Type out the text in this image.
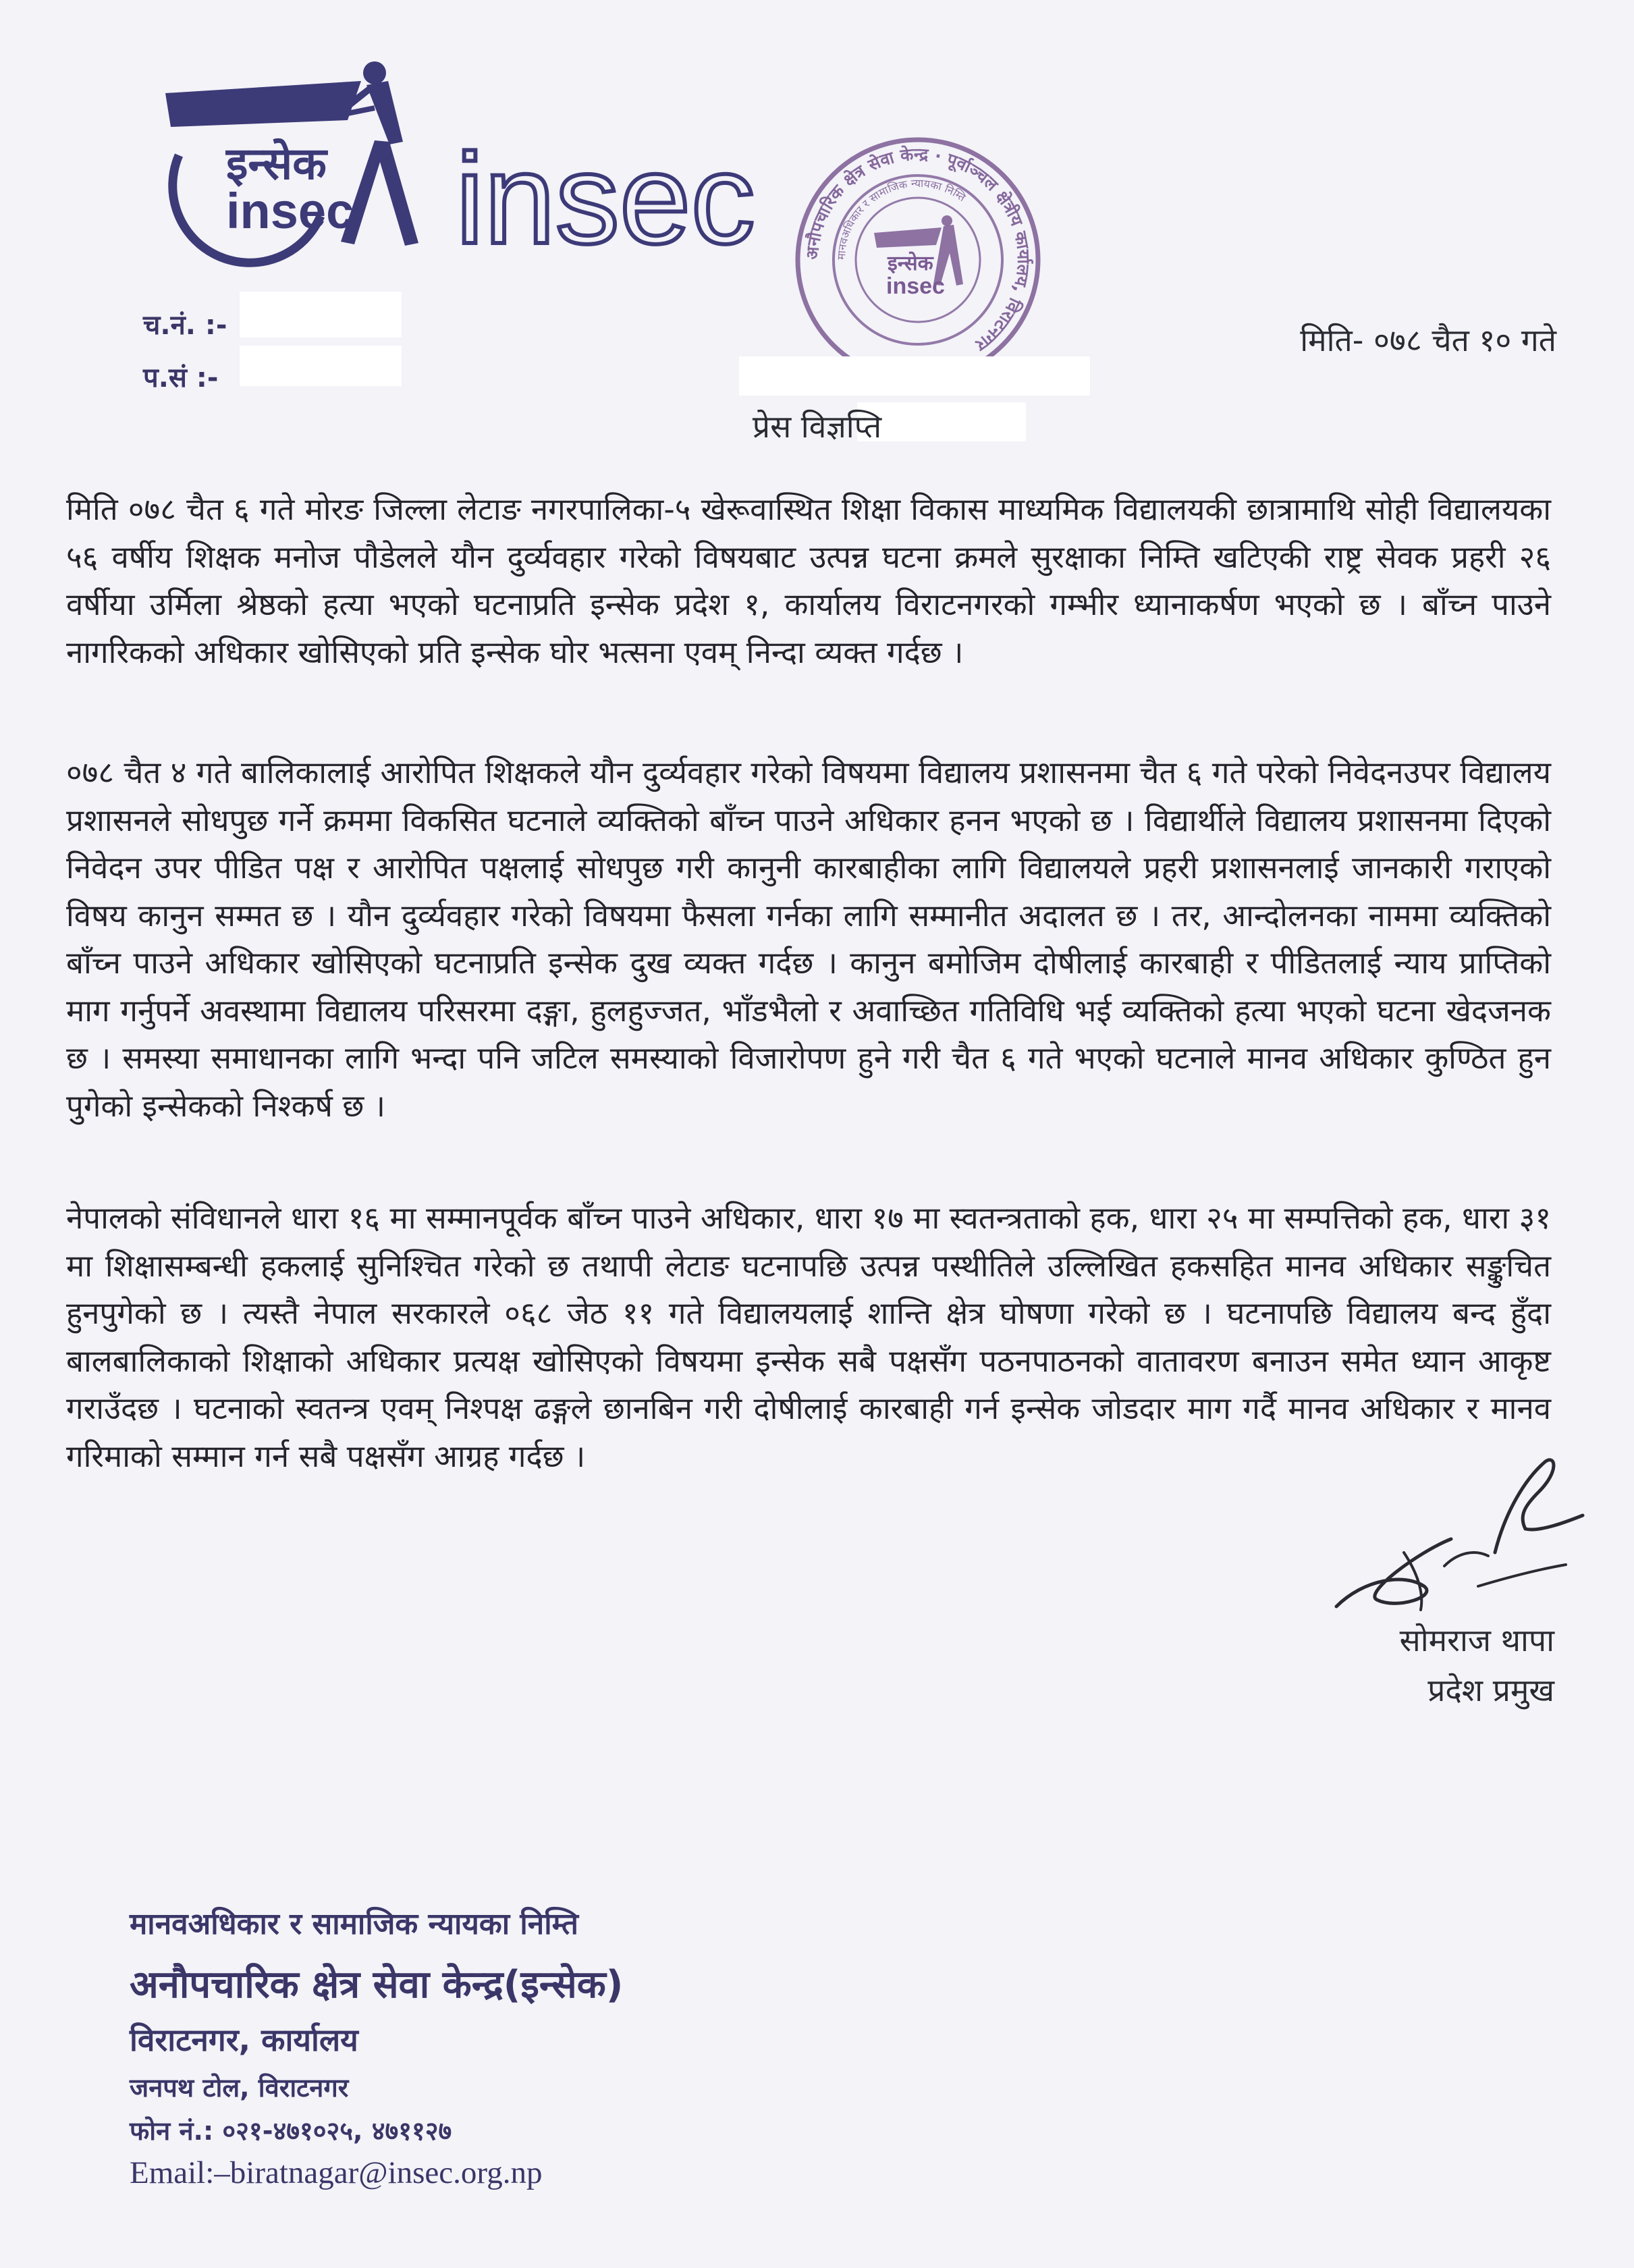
इन्सेक
insec insec	अनौपचारिक क्षेत्र सेवा केन्द्र · पूर्वाञ्चल क्षेत्रीय कार्यालय, विराटनगर
मानवअधिकार र सामाजिक न्यायका निम्ति
इन्सेक
insec
च.नं. :-
प.सं :-
मिति- ०७८ चैत १० गते
प्रेस विज्ञप्ति
मिति ०७८ चैत ६ गते मोरङ जिल्ला लेटाङ नगरपालिका-५ खेरूवास्थित शिक्षा विकास माध्यमिक विद्यालयकी छात्रामाथि सोही विद्यालयका ५६ वर्षीय शिक्षक मनोज पौडेलले यौन दुर्व्यवहार गरेको विषयबाट उत्पन्न घटना क्रमले सुरक्षाका निम्ति खटिएकी राष्ट्र सेवक प्रहरी २६ वर्षीया उर्मिला श्रेष्ठको हत्या भएको घटनाप्रति इन्सेक प्रदेश १, कार्यालय विराटनगरको गम्भीर ध्यानाकर्षण भएको छ । बाँच्न पाउने नागरिकको अधिकार खोसिएको प्रति इन्सेक घोर भत्सना एवम् निन्दा व्यक्त गर्दछ ।
०७८ चैत ४ गते बालिकालाई आरोपित शिक्षकले यौन दुर्व्यवहार गरेको विषयमा विद्यालय प्रशासनमा चैत ६ गते परेको निवेदनउपर विद्यालय प्रशासनले सोधपुछ गर्ने क्रममा विकसित घटनाले व्यक्तिको बाँच्न पाउने अधिकार हनन भएको छ । विद्यार्थीले विद्यालय प्रशासनमा दिएको निवेदन उपर पीडित पक्ष र आरोपित पक्षलाई सोधपुछ गरी कानुनी कारबाहीका लागि विद्यालयले प्रहरी प्रशासनलाई जानकारी गराएको विषय कानुन सम्मत छ । यौन दुर्व्यवहार गरेको विषयमा फैसला गर्नका लागि सम्मानीत अदालत छ । तर, आन्दोलनका नाममा व्यक्तिको बाँच्न पाउने अधिकार खोसिएको घटनाप्रति इन्सेक दुख व्यक्त गर्दछ । कानुन बमोजिम दोषीलाई कारबाही र पीडितलाई न्याय प्राप्तिको माग गर्नुपर्ने अवस्थामा विद्यालय परिसरमा दङ्गा, हुलहुज्जत, भाँडभैलो र अवाच्छित गतिविधि भई व्यक्तिको हत्या भएको घटना खेदजनक छ । समस्या समाधानका लागि भन्दा पनि जटिल समस्याको विजारोपण हुने गरी चैत ६ गते भएको घटनाले मानव अधिकार कुण्ठित हुन पुगेको इन्सेकको निश्कर्ष छ ।
नेपालको संविधानले धारा १६ मा सम्मानपूर्वक बाँच्न पाउने अधिकार, धारा १७ मा स्वतन्त्रताको हक, धारा २५ मा सम्पत्तिको हक, धारा ३१ मा शिक्षासम्बन्धी हकलाई सुनिश्चित गरेको छ तथापी लेटाङ घटनापछि उत्पन्न पस्थीतिले उल्लिखित हकसहित मानव अधिकार सङ्कुचित हुनपुगेको छ । त्यस्तै नेपाल सरकारले ०६८ जेठ ११ गते विद्यालयलाई शान्ति क्षेत्र घोषणा गरेको छ । घटनापछि विद्यालय बन्द हुँदा बालबालिकाको शिक्षाको अधिकार प्रत्यक्ष खोसिएको विषयमा इन्सेक सबै पक्षसँग पठनपाठनको वातावरण बनाउन समेत ध्यान आकृष्ट गराउँदछ । घटनाको स्वतन्त्र एवम् निश्पक्ष ढङ्गले छानबिन गरी दोषीलाई कारबाही गर्न इन्सेक जोडदार माग गर्दै मानव अधिकार र मानव गरिमाको सम्मान गर्न सबै पक्षसँग आग्रह गर्दछ ।
सोमराज थापा
प्रदेश प्रमुख
मानवअधिकार र सामाजिक न्यायका निम्ति
अनौपचारिक क्षेत्र सेवा केन्द्र(इन्सेक)
विराटनगर, कार्यालय
जनपथ टोल, विराटनगर
फोन नं.: ०२१-४७१०२५, ४७११२७
Email:–biratnagar@insec.org.np
